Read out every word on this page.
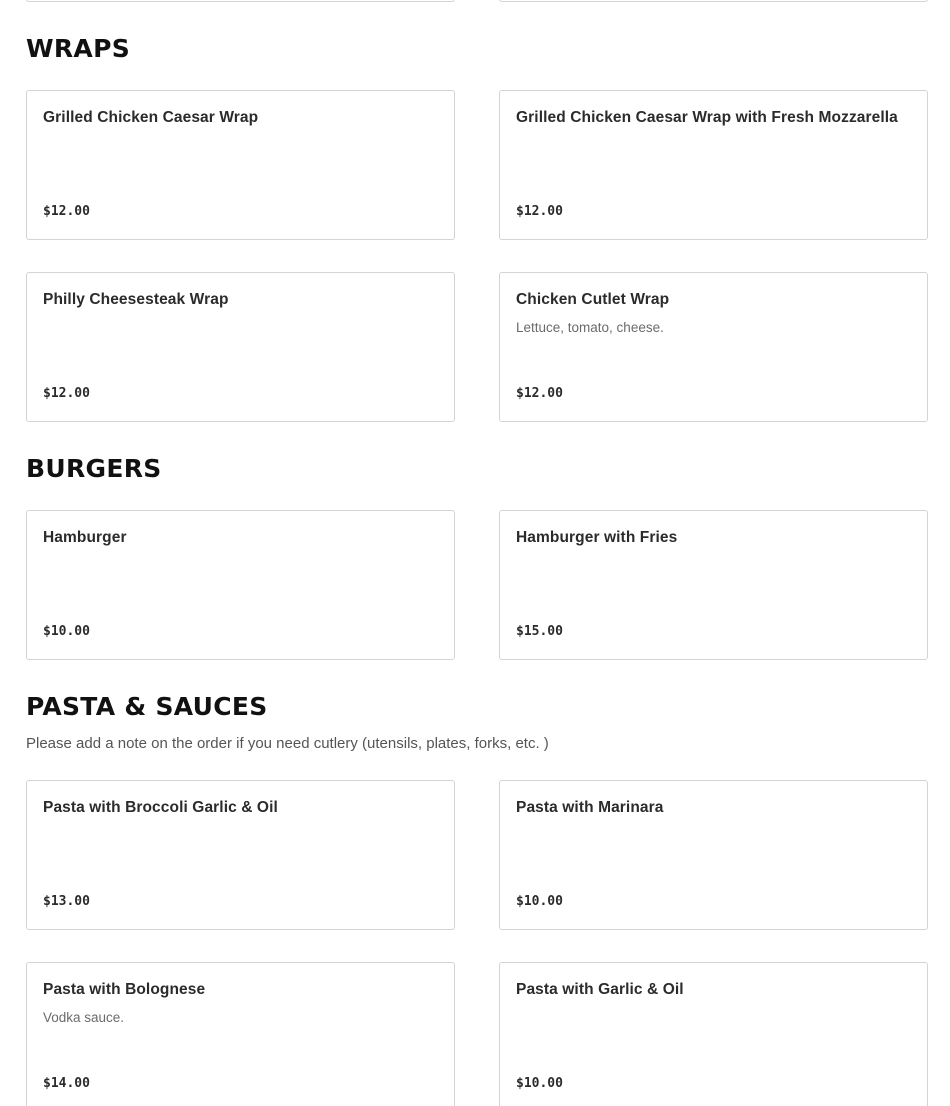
WRAPS
Grilled Chicken Caesar Wrap
$12.00
Grilled Chicken Caesar Wrap with Fresh Mozzarella
$12.00
Philly Cheesesteak Wrap
$12.00
Chicken Cutlet Wrap
Lettuce, tomato, cheese.
$12.00
BURGERS
Hamburger
$10.00
Hamburger with Fries
$15.00
PASTA & SAUCES
Please add a note on the order if you need cutlery (utensils, plates, forks, etc. )
Pasta with Broccoli Garlic & Oil
$13.00
Pasta with Marinara
$10.00
Pasta with Bolognese
Vodka sauce.
$14.00
Pasta with Garlic & Oil
$10.00
